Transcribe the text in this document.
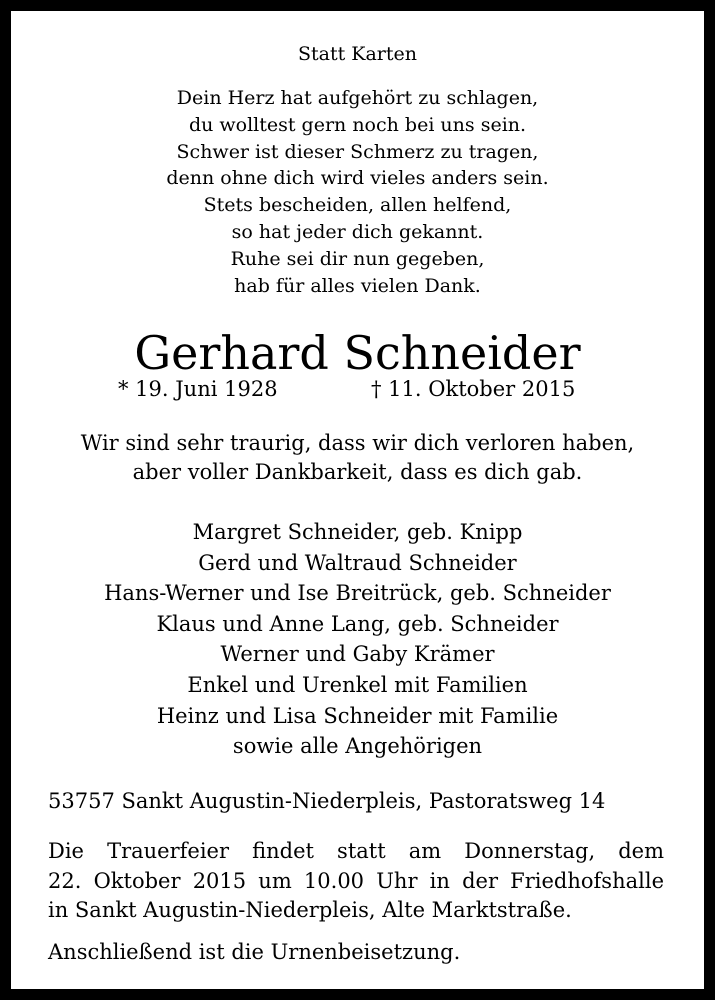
Statt Karten
Dein Herz hat aufgehört zu schlagen,
du wolltest gern noch bei uns sein.
Schwer ist dieser Schmerz zu tragen,
denn ohne dich wird vieles anders sein.
Stets bescheiden, allen helfend,
so hat jeder dich gekannt.
Ruhe sei dir nun gegeben,
hab für alles vielen Dank.
Gerhard Schneider
* 19. Juni 1928	† 11. Oktober 2015
Wir sind sehr traurig, dass wir dich verloren haben,
aber voller Dankbarkeit, dass es dich gab.
Margret Schneider, geb. Knipp
Gerd und Waltraud Schneider
Hans-Werner und Ise Breitrück, geb. Schneider
Klaus und Anne Lang, geb. Schneider
Werner und Gaby Krämer
Enkel und Urenkel mit Familien
Heinz und Lisa Schneider mit Familie
sowie alle Angehörigen
53757 Sankt Augustin-Niederpleis, Pastoratsweg 14
Die Trauerfeier findet statt am Donnerstag, dem
22. Oktober 2015 um 10.00 Uhr in der Friedhofshalle
in Sankt Augustin-Niederpleis, Alte Marktstraße.
Anschließend ist die Urnenbeisetzung.
